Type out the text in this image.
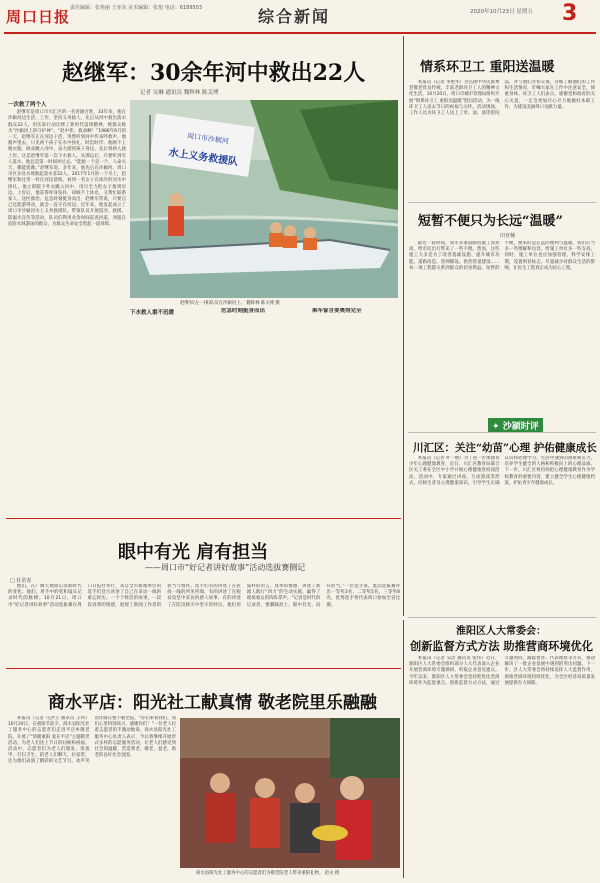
周口日报 责任编辑：张艳丽 王亚东 美术编辑：张旭 电话：6189503	综合新闻	2020年10月23日 星期五 3
赵继军：30余年河中救出22人
记者 吴琳 通讯员 魏辉林 陈关博
周口市沙颍河
水上义务救援队
赵继军(左一)和队员在沙颍河上。 魏辉林 陈关博 摄

一次救了两个人

赵继军是周口市川汇区的一名普通百姓，33年来，他在沙颍河边生活、工作，坚持义务救人，先后从河中救出落水群众22人，用实际行动诠释了新时代雷锋精神，被群众称为“沙颍河上的守护神”。“赵中伟，救命啊！”1986年6月的一天，赵继军正在河边干活，突然听到河中传来呼救声。他循声望去，只见两个孩子在水中挣扎，时沉时浮。他顾不上脱衣服，纵身跳入河中，奋力游到孩子身边，先后将两人救上岸。这是赵继军第一次下水救人。从那以后，只要听到有人落水，他总是第一时间冲过去。“能救一个是一个，人命关天，哪能犹豫。”赵继军说。多年来，他先后在沙颍河、周口市区多处水域救起落水者22人。2017年1月的一个早上，赵继军和往常一样在河边晨练，看到一名女子在冰冷的河水中挣扎，他立即脱下外衣跳入河中，用尽全力把女子推到岸边。上岸后，他冻得浑身发抖，却顾不上休息，又帮忙联系家人、送医救治。危急时刻挺身而出，赵继军常说，只要自己还能游得动，就会一直守在河边。近年来，他发起成立了周口市沙颍河水上义务救援队，带领队员开展巡河、救援、防溺水宣传等活动，队员们利用业余时间巡查河道，劝阻在危险水域游泳的群众，为群众生命安全筑起一道屏障。

下水救人重不迟缓	危急时刻挺身而出	乘车誓言要奥得完全

眼中有光 肩有担当
——周口市“好记者讲好故事”活动选拔赛侧记
□ 杜常春

他们，在广阔天地间记录新时代的变化；他们，用手中的笔和镜头记录时代的脉搏。10月21日，周口市“好记者讲好故事”活动选拔赛在周口日报社举行，来自全市新闻单位的选手们登台讲述了自己在采访一线的难忘经历。一个个鲜活的故事，一段段真挚的情感，展现了新闻工作者的担当与情怀。选手们有的讲述了在抗疫一线的所见所闻，有的讲述了在脱贫攻坚中采访的感人故事，有的讲述了在防汛救灾中坚守的经历。他们用质朴的语言、真挚的情感，讲述了新闻人践行“四力”的生动实践，赢得了现场观众的阵阵掌声。“记者是时代的记录者，要脚踩泥土、眼中有光、肩有担当。”一位选手说。此次选拔赛评出一等奖3名、二等奖5名、三等奖8名，优秀选手将代表周口参加全省比赛。

商水平店：阳光社工献真情 敬老院里乐融融

本报讯（记者 马洪立 通讯员 王珂）10月20日，在重阳节前夕，商水县阳光社工服务中心的志愿者们走进平店乡敬老院，开展了“情暖重阳 爱在平店”主题敬老活动，为老人们送上节日的问候和祝福。活动中，志愿者们为老人们理发、剪指甲、打扫卫生，陪老人们聊天、拉家常，还为他们表演了精彩的文艺节目。欢声笑语洋溢在整个敬老院。“你们来看我们，我们心里特别高兴，感谢你们！”一位老人拉着志愿者的手激动地说。商水县阳光社工服务中心负责人表示，今后将继续开展形式多样的志愿服务活动，让老人们感受到社会的温暖，营造尊老、敬老、爱老、助老的良好社会氛围。

商水县阳光社工服务中心的志愿者们为敬老院老人带来重阳礼物。 赵永 摄
情系环卫工 重阳送温暖

本报讯（记者 李艳华）为弘扬中华民族尊老敬老优良传统，丰富老龄环卫工人的精神文化生活，10月20日，周口市城市管理局组织开展“情系环卫工 重阳送温暖”慰问活动，为一线环卫工人送去节日的祝福与关怀。活动现场，工作人员为环卫工人送上了米、面、油等慰问品，并与他们亲切交谈，详细了解他们的工作和生活情况，叮嘱大家在工作中注意安全，保重身体。环卫工人们表示，感谢党和政府的关心关爱，一定会更加尽心尽力地做好本职工作，为建设美丽周口贡献力量。

短暂不便只为长远“温暖”
田亚楠

最近一段时间，我市多条道路因施工而封闭，给市民出行带来了一些不便。然而，这些施工大多是为了改善基础设施、提升城市功能。道路改造、管网铺设、供热管道建设……每一项工程都关系到群众的切身利益。短暂的不便，换来的是长远的便利与温暖。我们应当多一些理解和包容，给施工单位多一些支持。同时，施工单位也应加强管理，科学安排工期，设置明显标志，尽量减少对群众生活的影响，让民生工程真正成为民心工程。

✦ 沙颍时评
川汇区：关注“幼苗”心理 护佑健康成长

本报讯（记者 叶一帆）为了进一步加强青少年心理健康教育，近日，川汇区教育局联合区关工委在全区中小学开展心理健康进校园活动。活动中，专家通过讲座、互动游戏等形式，向师生普及心理健康知识，引导学生正确认识和处理学习、生活中遇到的困难和压力，培养学生健全的人格和积极向上的心理品质。下一步，川汇区将持续把心理健康教育作为学校教育的重要内容，建立健全学生心理健康档案，护佑青少年健康成长。

淮阳区人大常委会：
创新监督方式方法 助推营商环境优化

本报讯（记者 吴浩 通讯员 张伟）近日，淮阳区人大常委会组织部分人大代表深入企业开展营商环境专题调研，听取企业意见建议。今年以来，淮阳区人大常委会坚持把优化营商环境作为监督重点，创新监督方式方法，通过专题询问、跟踪督办、代表视察等方式，推动解决了一批企业发展中遇到的突出问题。下一步，区人大常委会将持续发挥人大监督作用，助推营商环境持续优化，为全区经济高质量发展提供有力保障。
